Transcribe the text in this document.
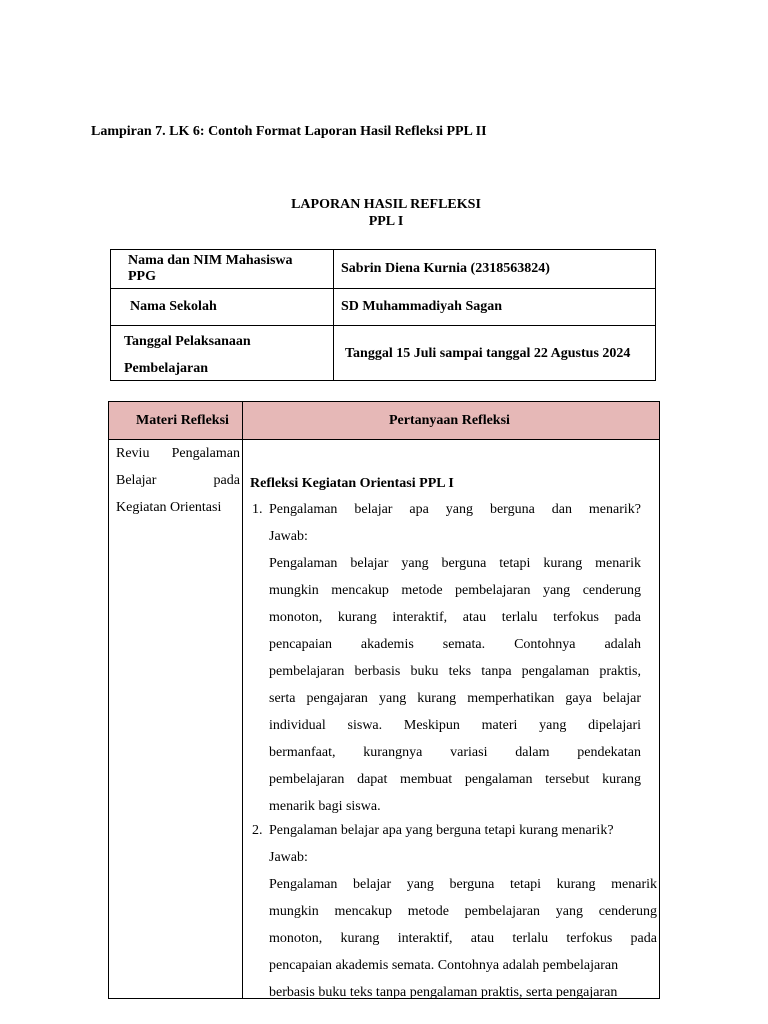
Lampiran 7. LK 6: Contoh Format Laporan Hasil Refleksi PPL II
LAPORAN HASIL REFLEKSI
PPL I
Nama dan NIM Mahasiswa
PPG
Sabrin Diena Kurnia (2318563824)
Nama Sekolah	SD Muhammadiyah Sagan
Tanggal Pelaksanaan
Pembelajaran
Tanggal 15 Juli sampai tanggal 22 Agustus 2024
Materi Refleksi	Pertanyaan Refleksi
Reviu Pengalaman
Belajar pada
Kegiatan Orientasi
Refleksi Kegiatan Orientasi PPL I
1. Pengalaman belajar apa yang berguna dan menarik?
Jawab:
Pengalaman belajar yang berguna tetapi kurang menarik
mungkin mencakup metode pembelajaran yang cenderung
monoton, kurang interaktif, atau terlalu terfokus pada
pencapaian akademis semata. Contohnya adalah
pembelajaran berbasis buku teks tanpa pengalaman praktis,
serta pengajaran yang kurang memperhatikan gaya belajar
individual siswa. Meskipun materi yang dipelajari
bermanfaat, kurangnya variasi dalam pendekatan
pembelajaran dapat membuat pengalaman tersebut kurang
menarik bagi siswa.
2. Pengalaman belajar apa yang berguna tetapi kurang menarik?
Jawab:
Pengalaman belajar yang berguna tetapi kurang menarik
mungkin mencakup metode pembelajaran yang cenderung
monoton, kurang interaktif, atau terlalu terfokus pada
pencapaian akademis semata. Contohnya adalah pembelajaran
berbasis buku teks tanpa pengalaman praktis, serta pengajaran
